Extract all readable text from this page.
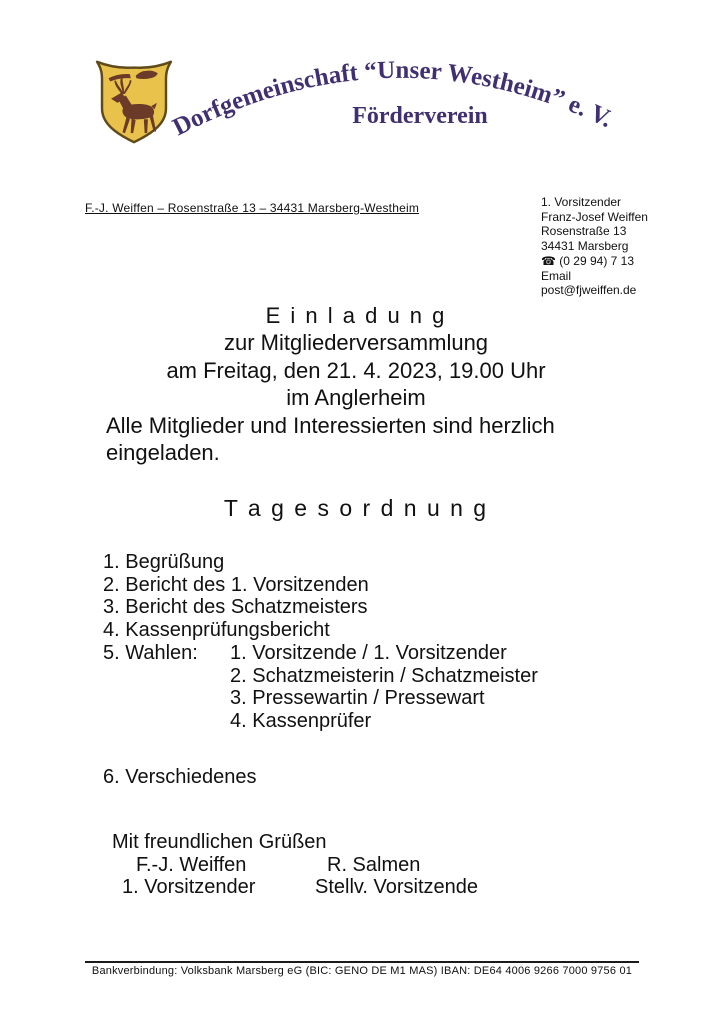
Dorfgemeinschaft “Unser Westheim” e. V.
Förderverein
F.-J. Weiffen – Rosenstraße 13 – 34431 Marsberg-Westheim	1. Vorsitzender
Franz-Josef Weiffen
Rosenstraße 13
34431 Marsberg
☎ (0 29 94) 7 13
Email
post@fjweiffen.de
E i n l a d u n g
zur Mitgliederversammlung
am Freitag, den 21. 4. 2023, 19.00 Uhr
im Anglerheim
Alle Mitglieder und Interessierten sind herzlich eingeladen.
T a g e s o r d n u n g
1. Begrüßung
2. Bericht des 1. Vorsitzenden
3. Bericht des Schatzmeisters
4. Kassenprüfungsbericht
5. Wahlen:	1. Vorsitzende / 1. Vorsitzender
2. Schatzmeisterin / Schatzmeister
3. Pressewartin / Pressewart
4. Kassenprüfer
6. Verschiedenes
Mit freundlichen Grüßen
F.-J. Weiffen	R. Salmen
1. Vorsitzender	Stellv. Vorsitzende
Bankverbindung: Volksbank Marsberg eG (BIC: GENO DE M1 MAS) IBAN: DE64 4006 9266 7000 9756 01
